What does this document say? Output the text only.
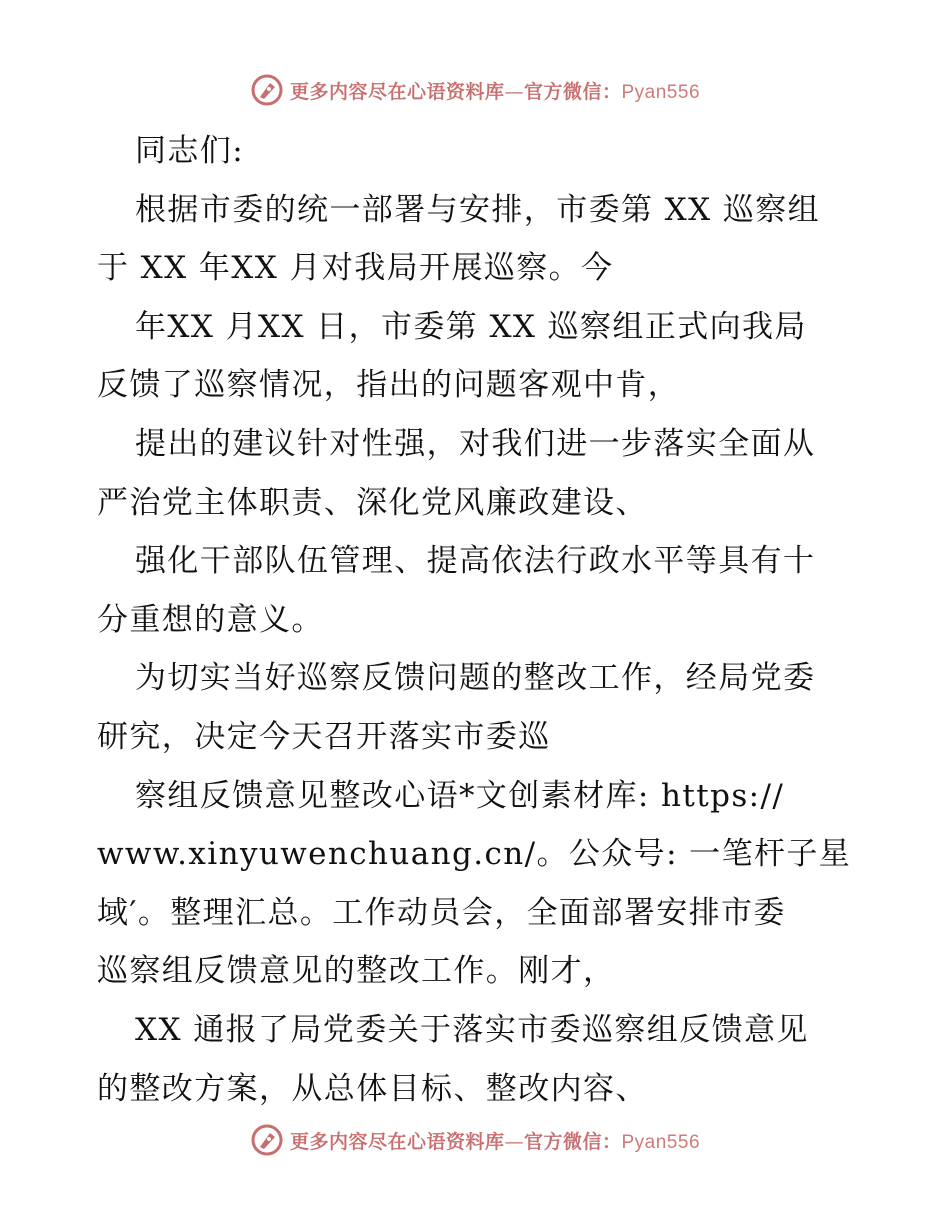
更多内容尽在心语资料库—官方微信：Pyan556
同志们:
根据市委的统一部署与安排，市委第 XX 巡察组
于 XX 年XX 月对我局开展巡察。今
年XX 月XX 日，市委第 XX 巡察组正式向我局
反馈了巡察情况，指出的问题客观中肯，
提出的建议针对性强，对我们进一步落实全面从
严治党主体职责、深化党风廉政建设、
强化干部队伍管理、提高依法行政水平等具有十
分重想的意义。
为切实当好巡察反馈问题的整改工作，经局党委
研究，决定今天召开落实市委巡
察组反馈意见整改心语*文创素材库: https://
www.xinyuwenchuang.cn/。公众号: 一笔杆子星
域′。整理汇总。工作动员会，全面部署安排市委
巡察组反馈意见的整改工作。刚才，
XX 通报了局党委关于落实市委巡察组反馈意见
的整改方案，从总体目标、整改内容、
更多内容尽在心语资料库—官方微信：Pyan556
